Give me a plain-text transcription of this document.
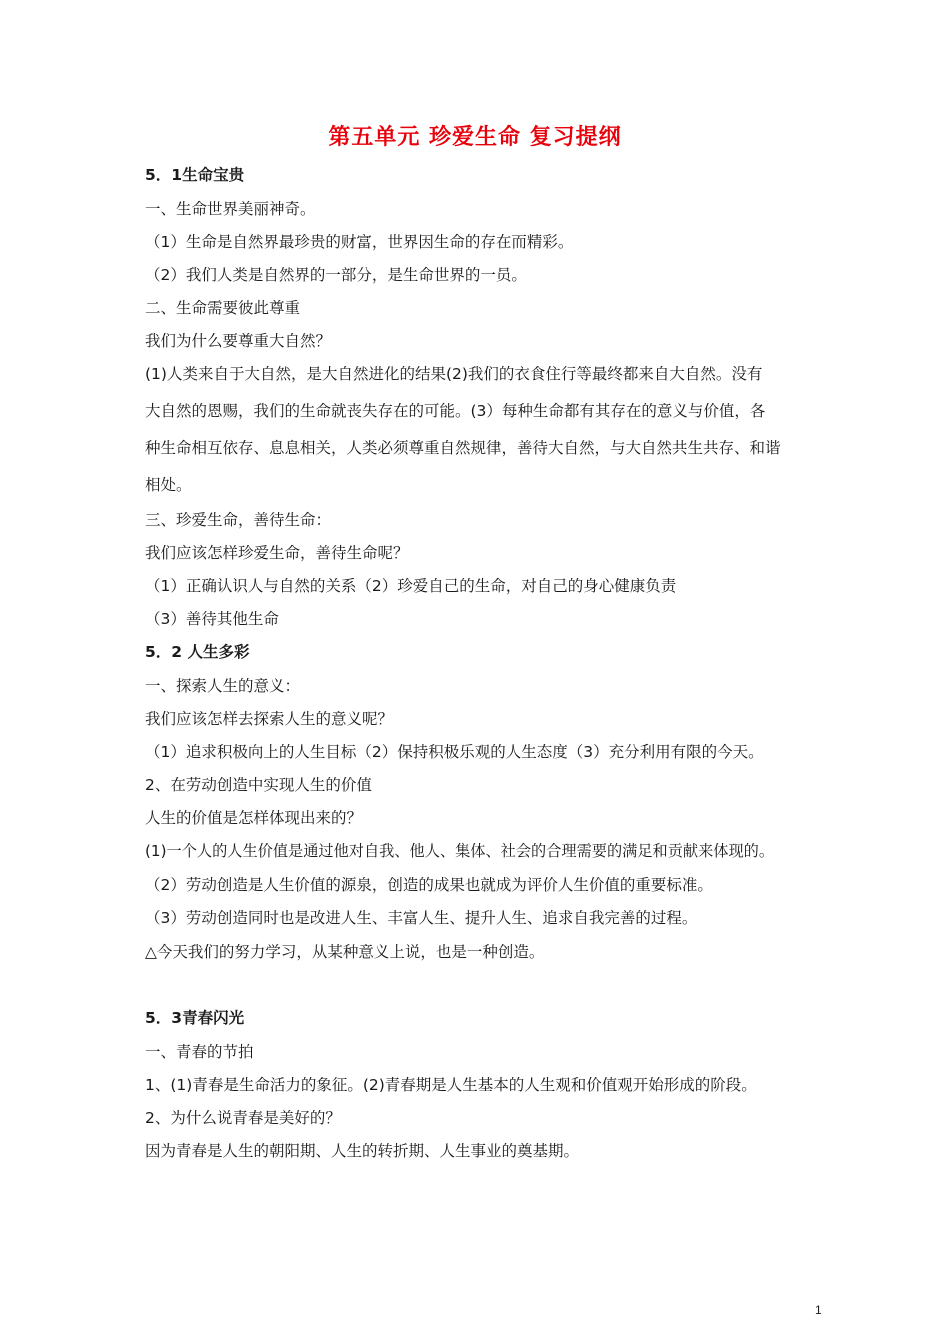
第五单元 珍爱生命 复习提纲
5．1生命宝贵
一、生命世界美丽神奇。
（1）生命是自然界最珍贵的财富，世界因生命的存在而精彩。
（2）我们人类是自然界的一部分，是生命世界的一员。
二、生命需要彼此尊重
我们为什么要尊重大自然？
(1)人类来自于大自然，是大自然进化的结果(2)我们的衣食住行等最终都来自大自然。没有
大自然的恩赐，我们的生命就丧失存在的可能。(3）每种生命都有其存在的意义与价值，各
种生命相互依存、息息相关，人类必须尊重自然规律，善待大自然，与大自然共生共存、和谐
相处。
三、珍爱生命，善待生命：
我们应该怎样珍爱生命，善待生命呢？
（1）正确认识人与自然的关系（2）珍爱自己的生命，对自己的身心健康负责
（3）善待其他生命
5．2 人生多彩
一、探索人生的意义：
我们应该怎样去探索人生的意义呢？
（1）追求积极向上的人生目标（2）保持积极乐观的人生态度（3）充分利用有限的今天。
2、在劳动创造中实现人生的价值
人生的价值是怎样体现出来的？
(1)一个人的人生价值是通过他对自我、他人、集体、社会的合理需要的满足和贡献来体现的。
（2）劳动创造是人生价值的源泉，创造的成果也就成为评价人生价值的重要标准。
（3）劳动创造同时也是改进人生、丰富人生、提升人生、追求自我完善的过程。
△今天我们的努力学习，从某种意义上说，也是一种创造。
5．3青春闪光
一、青春的节拍
1、(1)青春是生命活力的象征。(2)青春期是人生基本的人生观和价值观开始形成的阶段。
2、为什么说青春是美好的？
因为青春是人生的朝阳期、人生的转折期、人生事业的奠基期。
1
